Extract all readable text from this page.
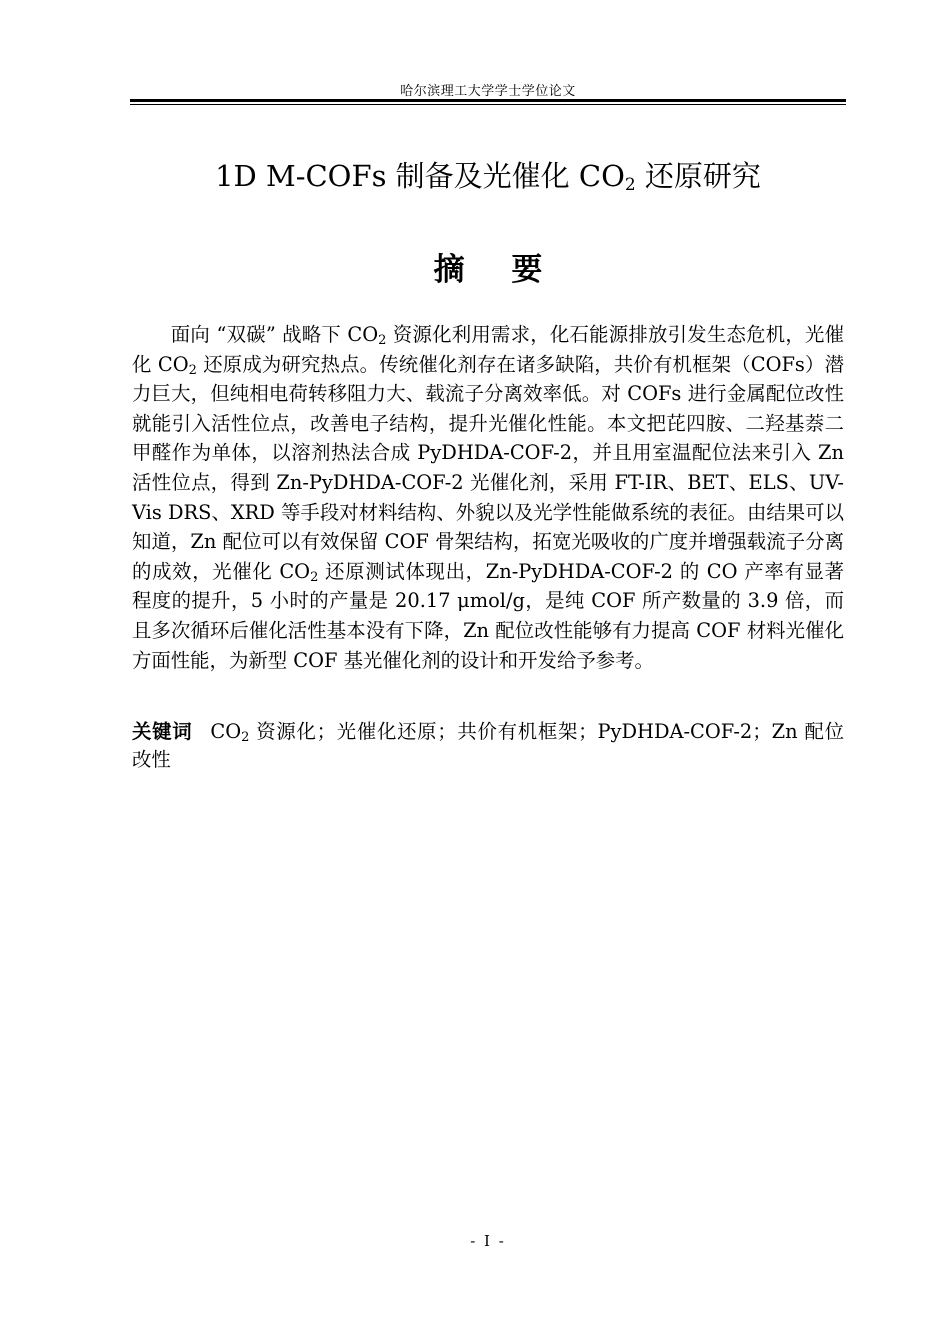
哈尔滨理工大学学士学位论文
1D M-COFs 制备及光催化 $CO_2$ 还原研究
摘 要

面向 “双碳” 战略下 $CO_2$ 资源化利用需求，化石能源排放引发生态危机，光催化 $CO_2$ 还原成为研究热点。传统催化剂存在诸多缺陷，共价有机框架（COFs）潜力巨大，但纯相电荷转移阻力大、载流子分离效率低。对 COFs 进行金属配位改性就能引入活性位点，改善电子结构，提升光催化性能。本文把芘四胺、二羟基萘二甲醛作为单体，以溶剂热法合成 PyDHDA-COF-2，并且用室温配位法来引入 Zn 活性位点，得到 Zn-PyDHDA-COF-2 光催化剂，采用 FT-IR、BET、ELS、UV-Vis DRS、XRD 等手段对材料结构、外貌以及光学性能做系统的表征。由结果可以知道，Zn 配位可以有效保留 COF 骨架结构，拓宽光吸收的广度并增强载流子分离的成效，光催化 $CO_2$ 还原测试体现出，Zn-PyDHDA-COF-2 的 CO 产率有显著程度的提升，5 小时的产量是 20.17 μmol/g，是纯 COF 所产数量的 3.9 倍，而且多次循环后催化活性基本没有下降，Zn 配位改性能够有力提高 COF 材料光催化方面性能，为新型 COF 基光催化剂的设计和开发给予参考。

关键词 $CO_2$ 资源化；光催化还原；共价有机框架；PyDHDA-COF-2；Zn 配位改性

- I -
